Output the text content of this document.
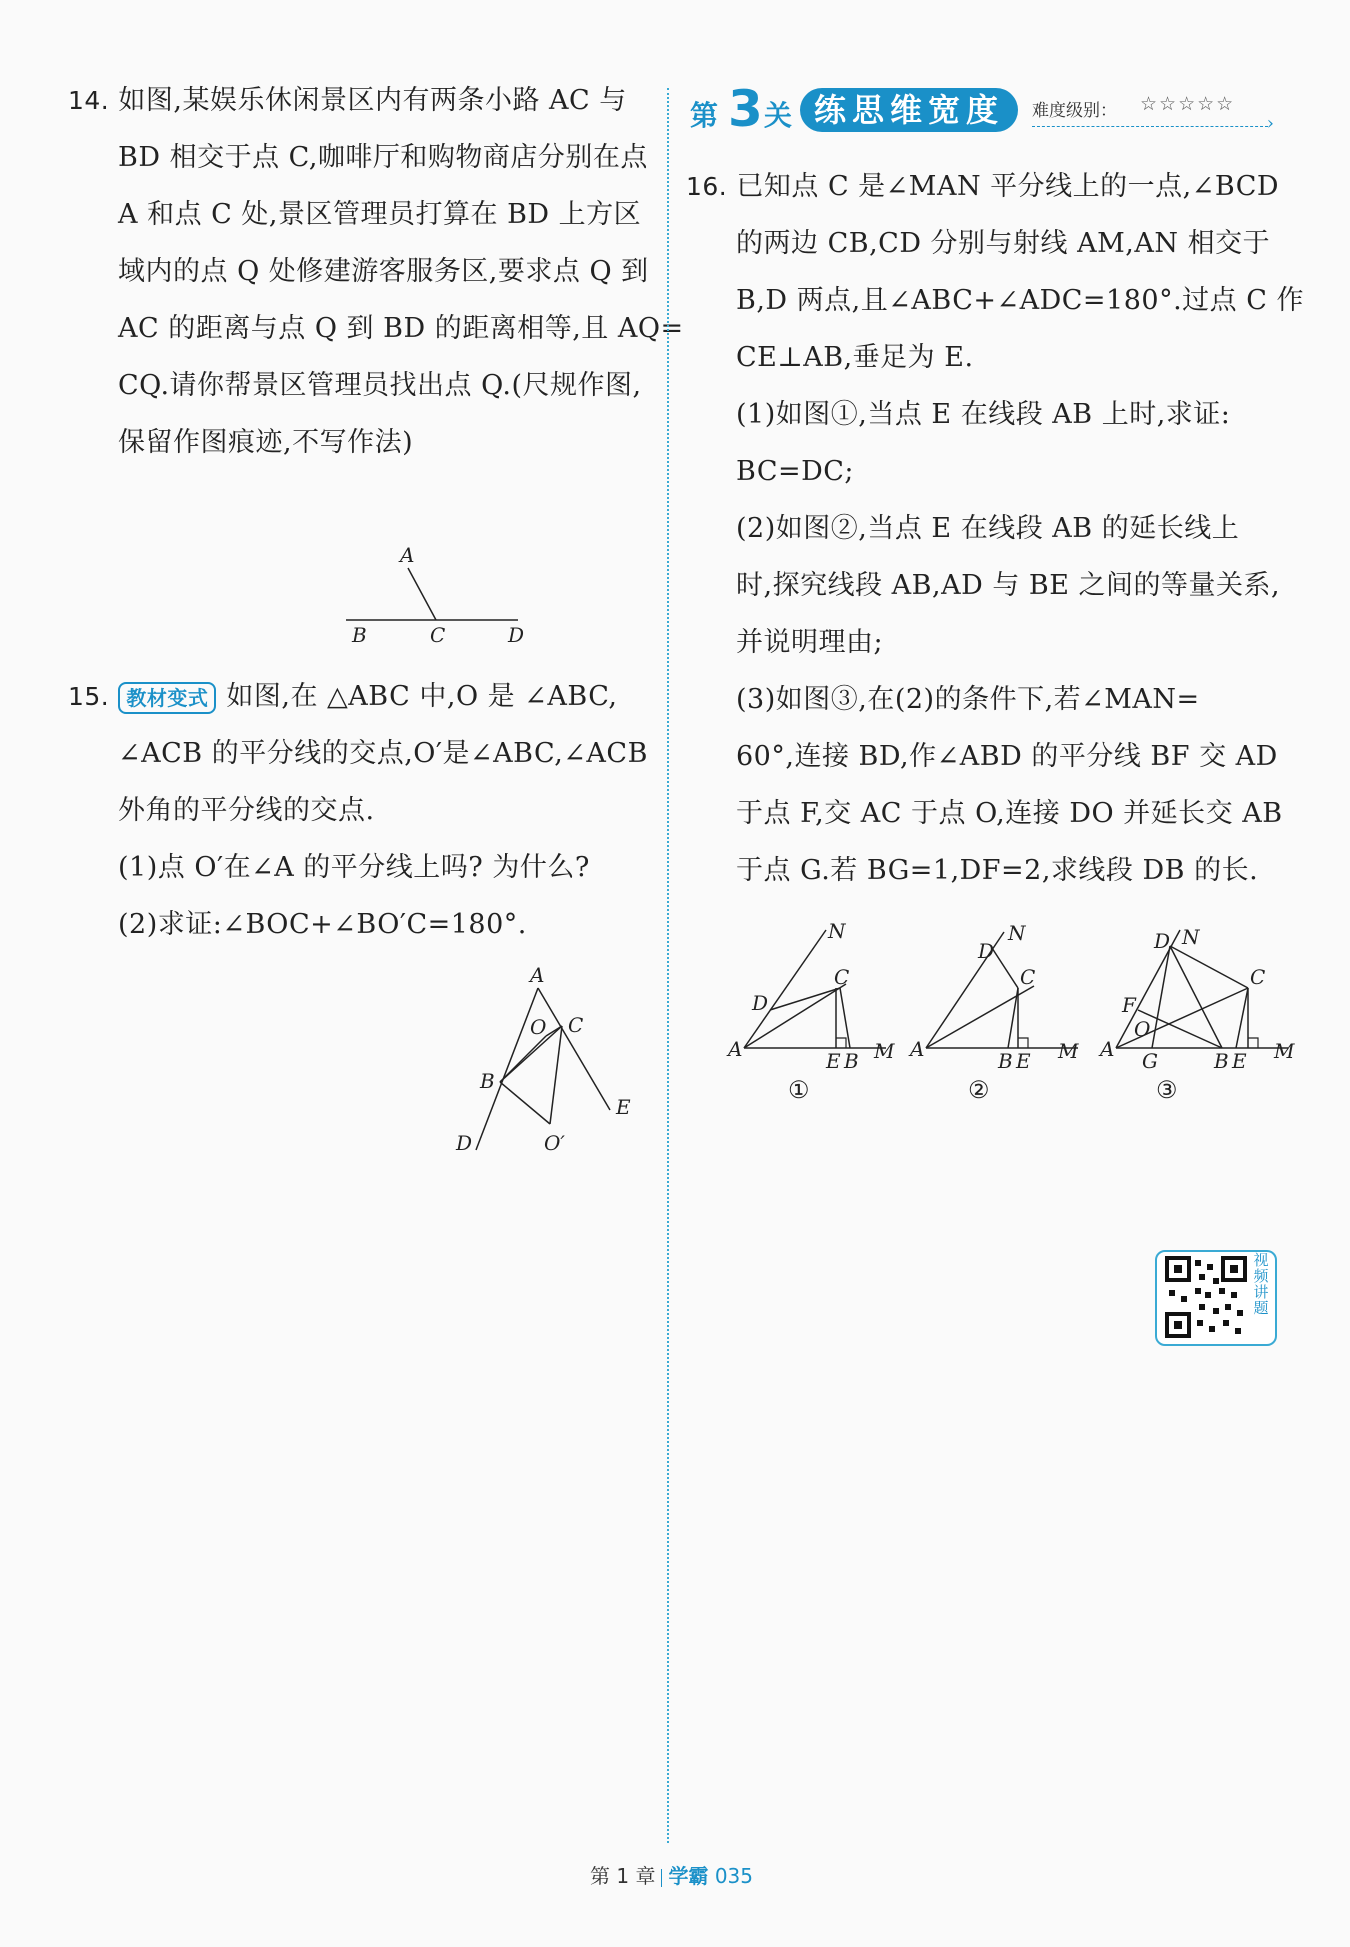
14. 如图,某娱乐休闲景区内有两条小路 AC 与
BD 相交于点 C,咖啡厅和购物商店分别在点
A 和点 C 处,景区管理员打算在 BD 上方区
域内的点 Q 处修建游客服务区,要求点 Q 到
AC 的距离与点 Q 到 BD 的距离相等,且 AQ=
CQ.请你帮景区管理员找出点 Q.(尺规作图,
保留作图痕迹,不写作法)
A
B	C	D
15. 教材变式 如图,在 △ABC 中,O 是 ∠ABC,
∠ACB 的平分线的交点,O′是∠ABC,∠ACB
外角的平分线的交点.
(1)点 O′在∠A 的平分线上吗? 为什么?
(2)求证:∠BOC+∠BO′C=180°.
A
O C
B
E
D	O′
第 3 关 练思维宽度	难度级别： ☆☆☆☆☆
›
16. 已知点 C 是∠MAN 平分线上的一点,∠BCD
的两边 CB,CD 分别与射线 AM,AN 相交于
B,D 两点,且∠ABC+∠ADC=180°.过点 C 作
CE⊥AB,垂足为 E.
(1)如图①,当点 E 在线段 AB 上时,求证:
BC=DC;
(2)如图②,当点 E 在线段 AB 的延长线上
时,探究线段 AB,AD 与 BE 之间的等量关系,
并说明理由;
(3)如图③,在(2)的条件下,若∠MAN=
60°,连接 BD,作∠ABD 的平分线 BF 交 AD
于点 F,交 AC 于点 O,连接 DO 并延长交 AB
于点 G.若 BG=1,DF=2,求线段 DB 的长.
N
D
C
A	E B M
①
N
D
C
A	B E M
②
D N
C
F
O
A G	B E M
③
视频讲题
第 1 章 学霸 035
